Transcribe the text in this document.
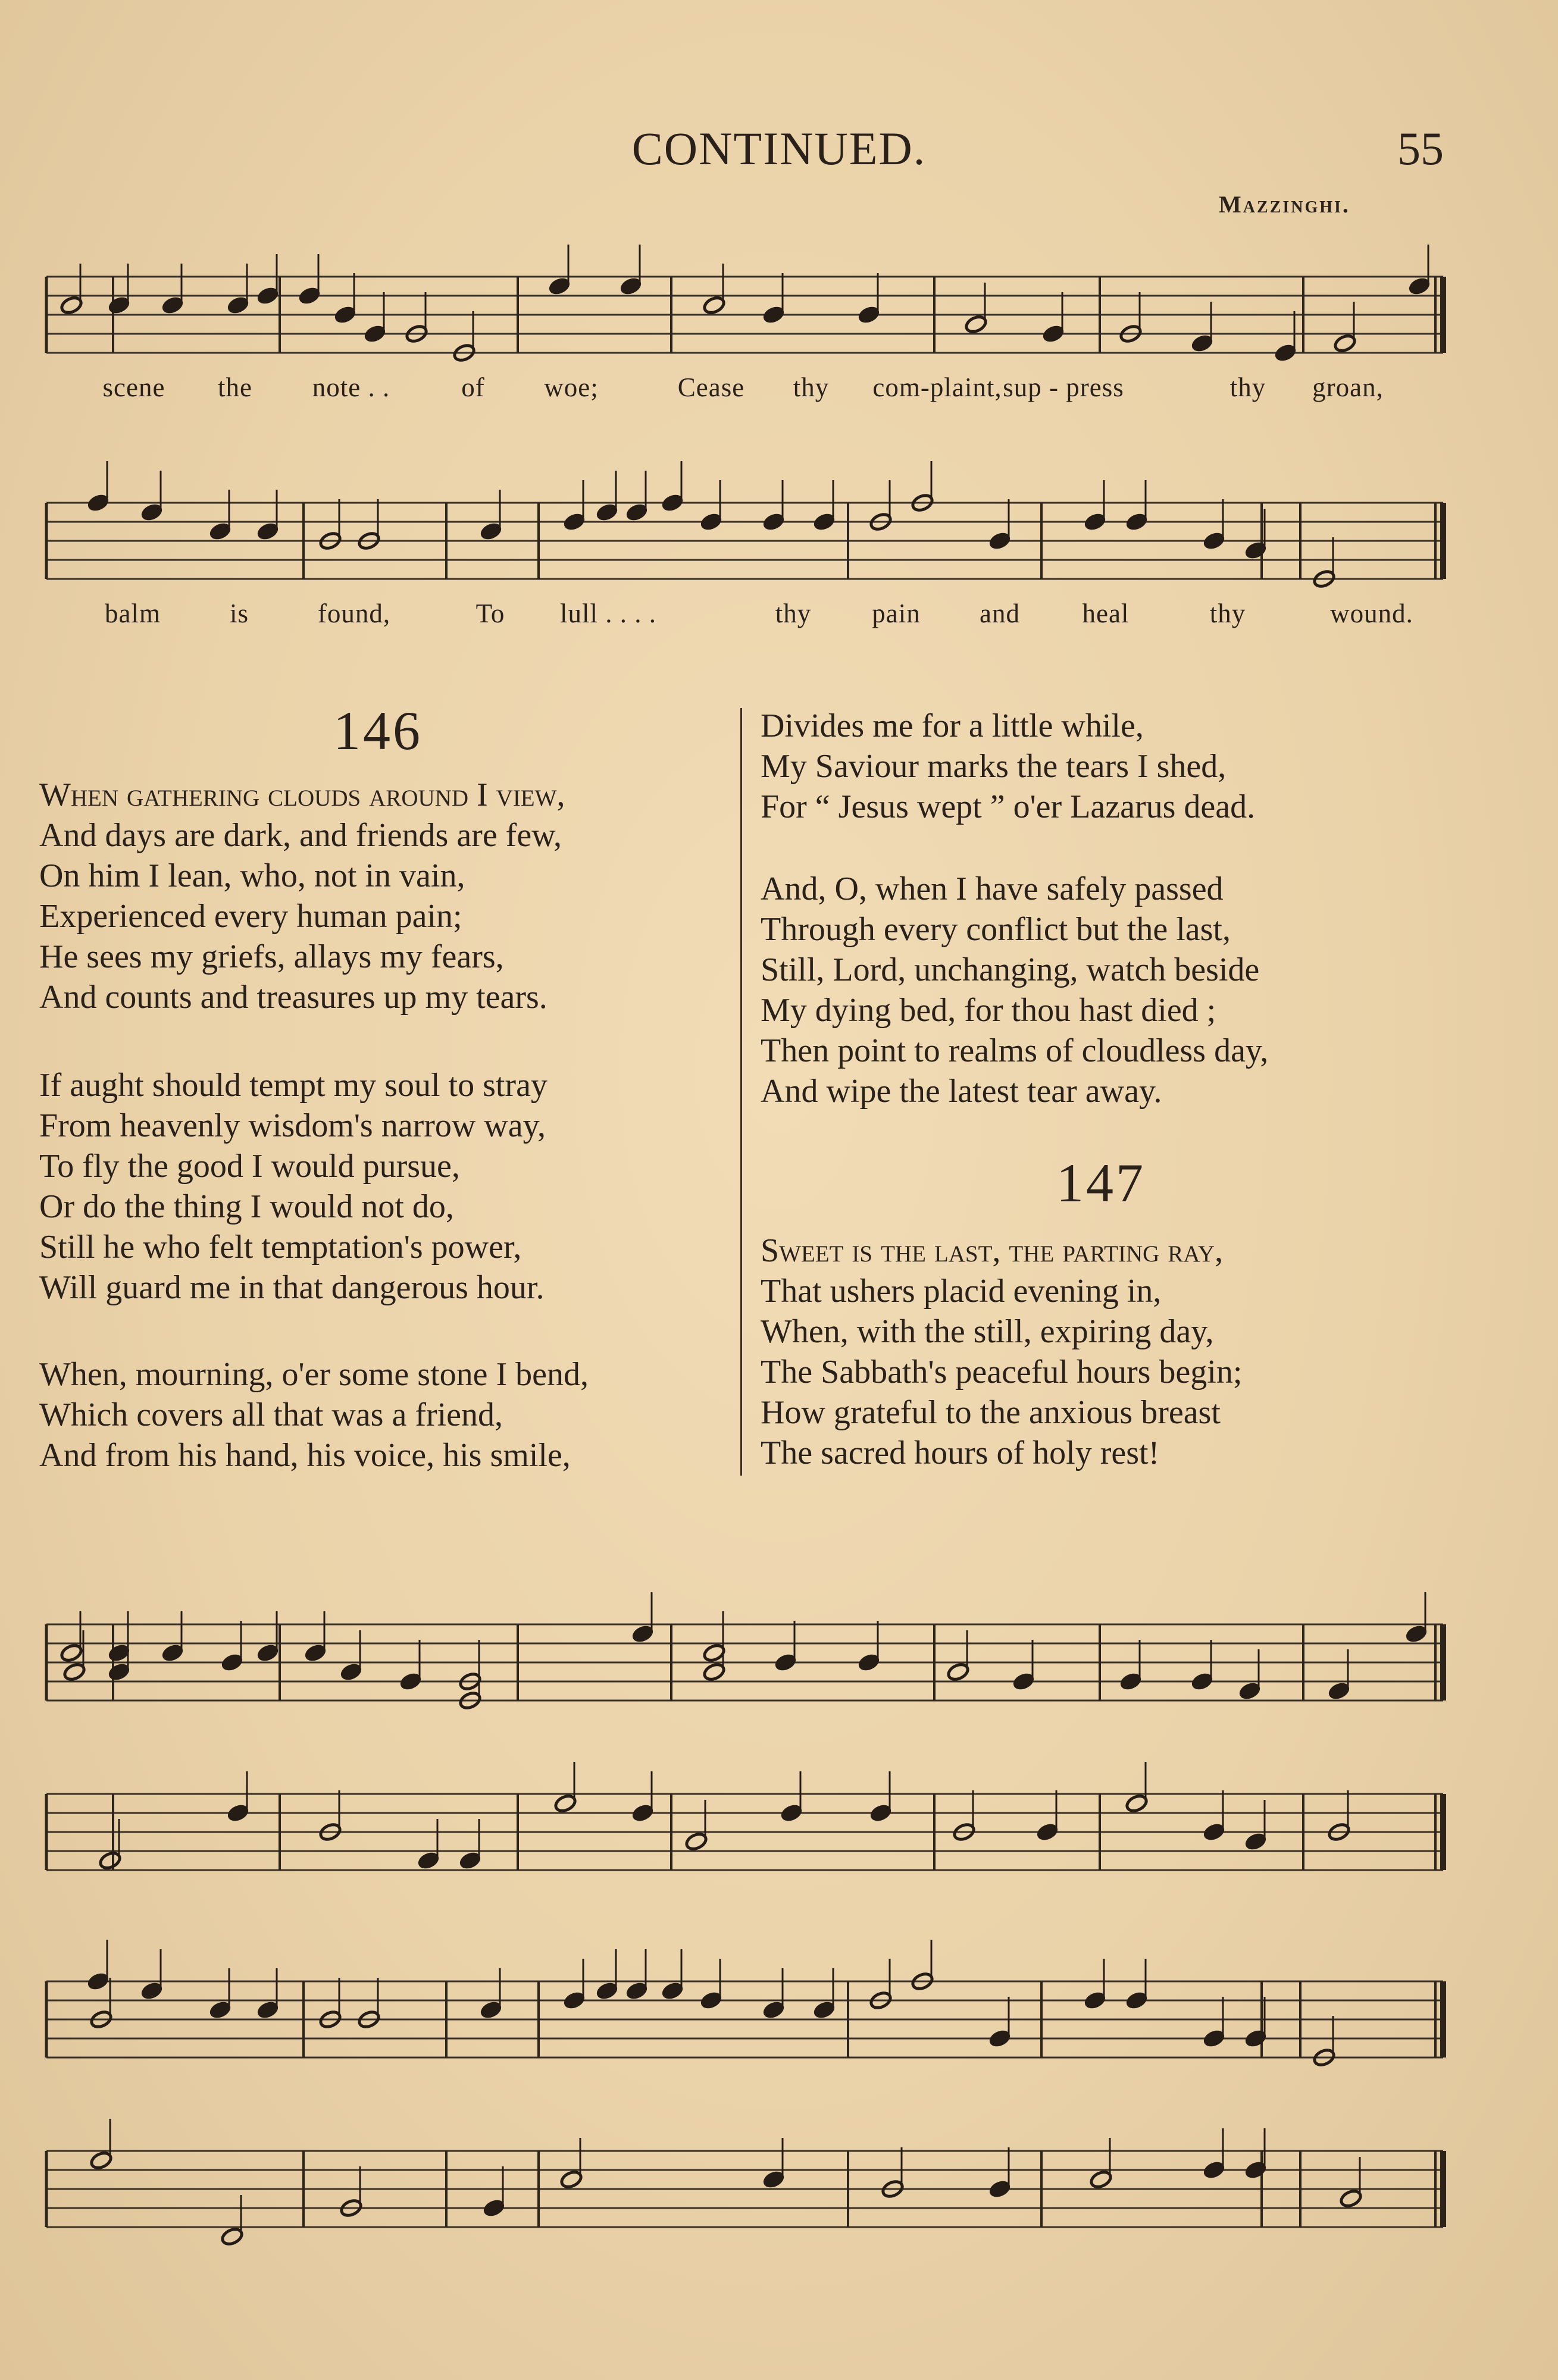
CONTINUED.	55
Mazzinghi.
scene the note . .	of woe;	Cease thy com-plaint, sup - press	thy groan,
balm	is	found,	To lull . . . .	thy pain and heal	thy	wound.
146
When gathering clouds around I view,
And days are dark, and friends are few,
On him I lean, who, not in vain,
Experienced every human pain;
He sees my griefs, allays my fears,
And counts and treasures up my tears.
If aught should tempt my soul to stray
From heavenly wisdom's narrow way,
To fly the good I would pursue,
Or do the thing I would not do,
Still he who felt temptation's power,
Will guard me in that dangerous hour.
When, mourning, o'er some stone I bend,
Which covers all that was a friend,
And from his hand, his voice, his smile,
Divides me for a little while,
My Saviour marks the tears I shed,
For “ Jesus wept ” o'er Lazarus dead.
And, O, when I have safely passed
Through every conflict but the last,
Still, Lord, unchanging, watch beside
My dying bed, for thou hast died ;
Then point to realms of cloudless day,
And wipe the latest tear away.
147
Sweet is the last, the parting ray,
That ushers placid evening in,
When, with the still, expiring day,
The Sabbath's peaceful hours begin;
How grateful to the anxious breast
The sacred hours of holy rest!
